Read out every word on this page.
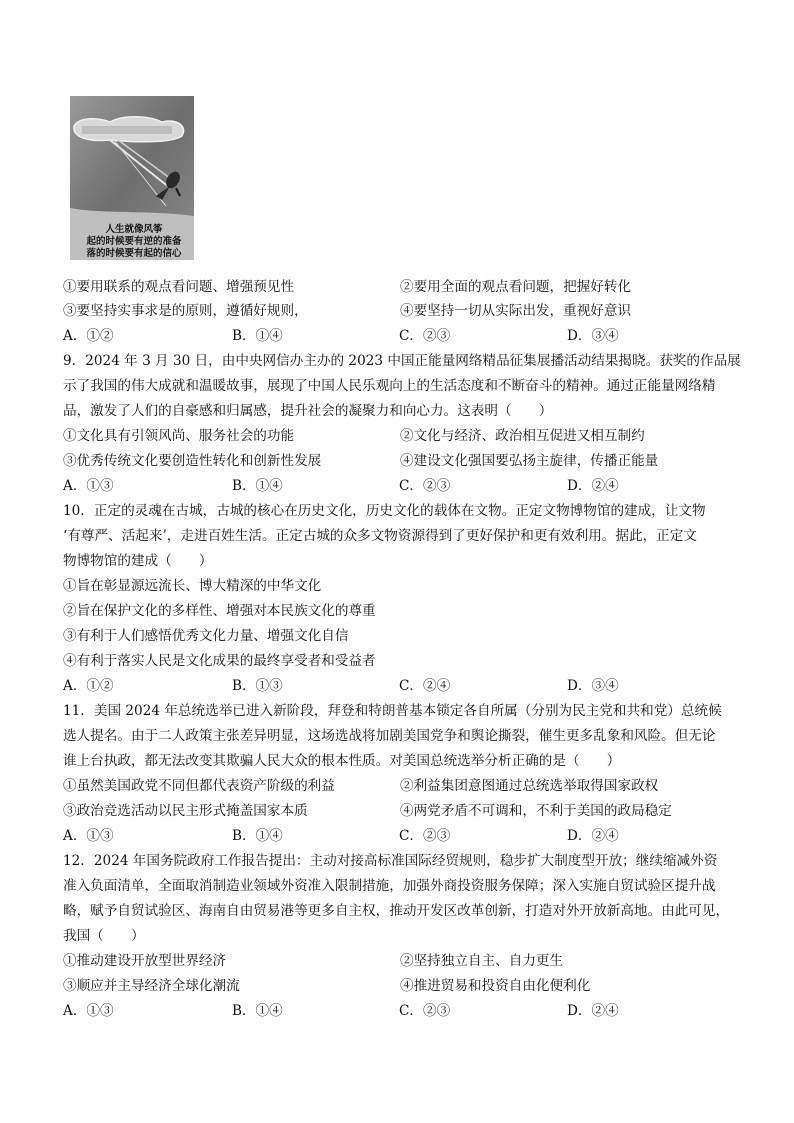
人生就像风筝
起的时候要有逆的准备
落的时候要有起的信心
①要用联系的观点看问题、增强预见性	②要用全面的观点看问题，把握好转化
③要坚持实事求是的原则，遵循好规则，	④要坚持一切从实际出发，重视好意识
A．①②	B．①④	C．②③	D．③④
9．2024 年 3 月 30 日，由中央网信办主办的 2023 中国正能量网络精品征集展播活动结果揭晓。获奖的作品展
示了我国的伟大成就和温暖故事，展现了中国人民乐观向上的生活态度和不断奋斗的精神。通过正能量网络精
品，激发了人们的自豪感和归属感，提升社会的凝聚力和向心力。这表明（　　）
①文化具有引领风尚、服务社会的功能	②文化与经济、政治相互促进又相互制约
③优秀传统文化要创造性转化和创新性发展	④建设文化强国要弘扬主旋律，传播正能量
A．①③	B．①④	C．②③	D．②④
10．正定的灵魂在古城，古城的核心在历史文化，历史文化的载体在文物。正定文物博物馆的建成，让文物
‘有尊严、活起来’，走进百姓生活。正定古城的众多文物资源得到了更好保护和更有效利用。据此，正定文
物博物馆的建成（　　）
①旨在彰显源远流长、博大精深的中华文化
②旨在保护文化的多样性、增强对本民族文化的尊重
③有利于人们感悟优秀文化力量、增强文化自信
④有利于落实人民是文化成果的最终享受者和受益者
A．①②	B．①③	C．②④	D．③④
11．美国 2024 年总统选举已进入新阶段，拜登和特朗普基本锁定各自所属（分别为民主党和共和党）总统候
选人提名。由于二人政策主张差异明显，这场选战将加剧美国党争和舆论撕裂，催生更多乱象和风险。但无论
谁上台执政，都无法改变其欺骗人民大众的根本性质。对美国总统选举分析正确的是（　　）
①虽然美国政党不同但都代表资产阶级的利益	②利益集团意图通过总统选举取得国家政权
③政治竞选活动以民主形式掩盖国家本质	④两党矛盾不可调和，不利于美国的政局稳定
A．①③	B．①④	C．②③	D．②④
12．2024 年国务院政府工作报告提出：主动对接高标准国际经贸规则，稳步扩大制度型开放；继续缩减外资
准入负面清单，全面取消制造业领域外资准入限制措施，加强外商投资服务保障；深入实施自贸试验区提升战
略，赋予自贸试验区、海南自由贸易港等更多自主权，推动开发区改革创新，打造对外开放新高地。由此可见，
我国（　　）
①推动建设开放型世界经济	②坚持独立自主、自力更生
③顺应并主导经济全球化潮流	④推进贸易和投资自由化便利化
A．①③	B．①④	C．②③	D．②④
